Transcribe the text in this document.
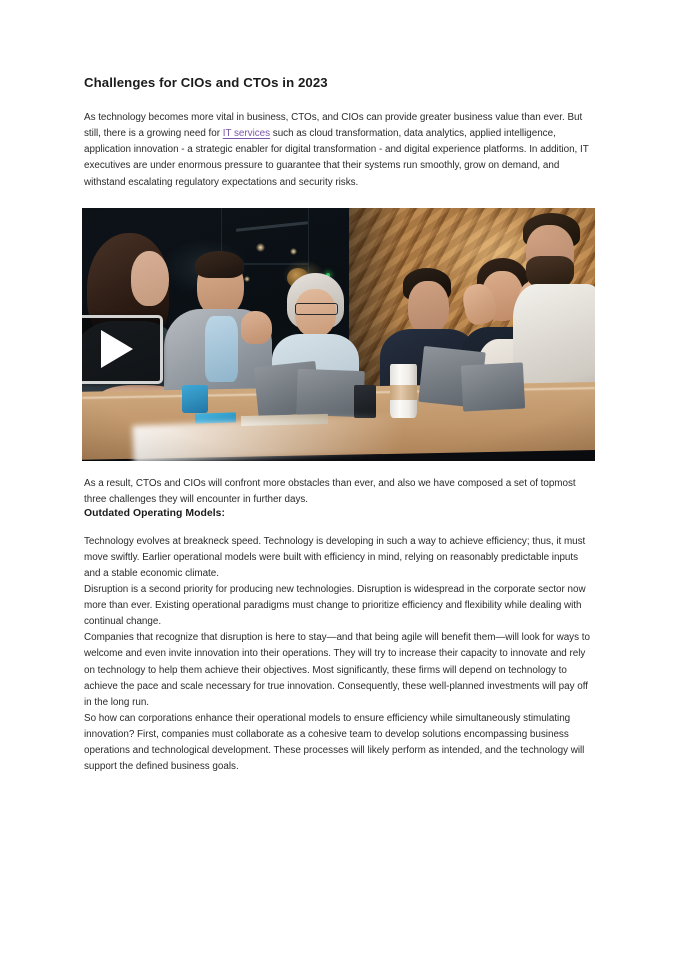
Challenges for CIOs and CTOs in 2023

As technology becomes more vital in business, CTOs, and CIOs can provide greater business value than ever. But still, there is a growing need for IT services such as cloud transformation, data analytics, applied intelligence, application innovation - a strategic enabler for digital transformation - and digital experience platforms. In addition, IT executives are under enormous pressure to guarantee that their systems run smoothly, grow on demand, and withstand escalating regulatory expectations and security risks.

As a result, CTOs and CIOs will confront more obstacles than ever, and also we have composed a set of topmost three challenges they will encounter in further days.

Outdated Operating Models:

Technology evolves at breakneck speed. Technology is developing in such a way to achieve efficiency; thus, it must move swiftly. Earlier operational models were built with efficiency in mind, relying on reasonably predictable inputs and a stable economic climate.

Disruption is a second priority for producing new technologies. Disruption is widespread in the corporate sector now more than ever. Existing operational paradigms must change to prioritize efficiency and flexibility while dealing with continual change.

Companies that recognize that disruption is here to stay—and that being agile will benefit them—will look for ways to welcome and even invite innovation into their operations. They will try to increase their capacity to innovate and rely on technology to help them achieve their objectives. Most significantly, these firms will depend on technology to achieve the pace and scale necessary for true innovation. Consequently, these well-planned investments will pay off in the long run.

So how can corporations enhance their operational models to ensure efficiency while simultaneously stimulating innovation? First, companies must collaborate as a cohesive team to develop solutions encompassing business operations and technological development. These processes will likely perform as intended, and the technology will support the defined business goals.
